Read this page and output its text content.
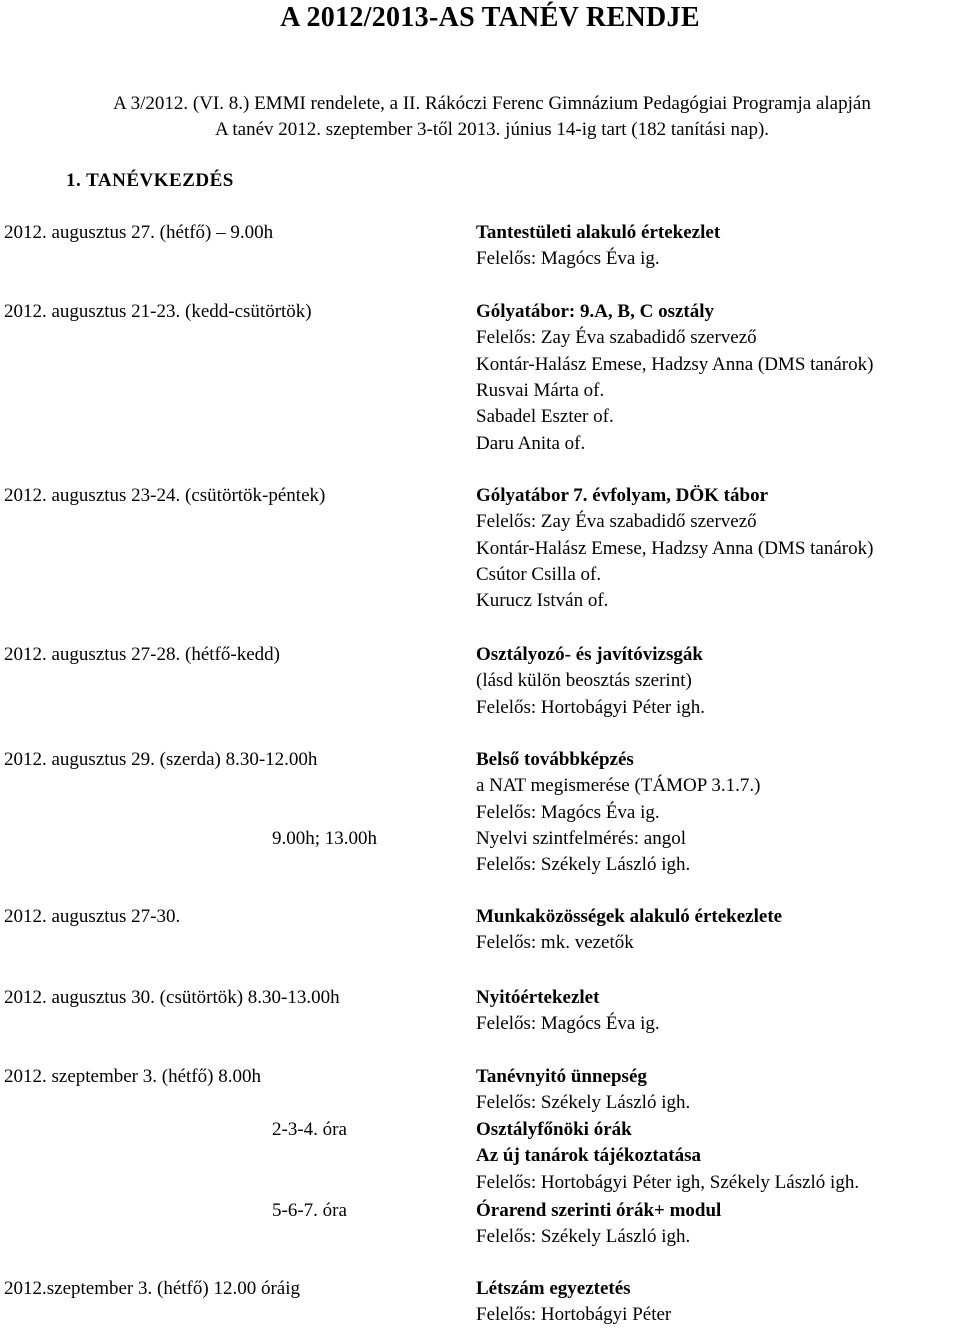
A 2012/2013-AS TANÉV RENDJE
A 3/2012. (VI. 8.) EMMI rendelete, a II. Rákóczi Ferenc Gimnázium Pedagógiai Programja alapján
A tanév 2012. szeptember 3-től 2013. június 14-ig tart (182 tanítási nap).
1. TANÉVKEZDÉS
2012. augusztus 27. (hétfő) – 9.00h	Tantestületi alakuló értekezlet
Felelős: Magócs Éva ig.
2012. augusztus 21-23. (kedd-csütörtök)	Gólyatábor: 9.A, B, C osztály
Felelős: Zay Éva szabadidő szervező
Kontár-Halász Emese, Hadzsy Anna (DMS tanárok)
Rusvai Márta of.
Sabadel Eszter of.
Daru Anita of.
2012. augusztus 23-24. (csütörtök-péntek)	Gólyatábor 7. évfolyam, DÖK tábor
Felelős: Zay Éva szabadidő szervező
Kontár-Halász Emese, Hadzsy Anna (DMS tanárok)
Csútor Csilla of.
Kurucz István of.
2012. augusztus 27-28. (hétfő-kedd)	Osztályozó- és javítóvizsgák
(lásd külön beosztás szerint)
Felelős: Hortobágyi Péter igh.
2012. augusztus 29. (szerda) 8.30-12.00h	Belső továbbképzés
a NAT megismerése (TÁMOP 3.1.7.)
Felelős: Magócs Éva ig.
9.00h; 13.00h	Nyelvi szintfelmérés: angol
Felelős: Székely László igh.
2012. augusztus 27-30.	Munkaközösségek alakuló értekezlete
Felelős: mk. vezetők
2012. augusztus 30. (csütörtök) 8.30-13.00h	Nyitóértekezlet
Felelős: Magócs Éva ig.
2012. szeptember 3. (hétfő) 8.00h	Tanévnyitó ünnepség
Felelős: Székely László igh.
2-3-4. óra	Osztályfőnöki órák
Az új tanárok tájékoztatása
Felelős: Hortobágyi Péter igh, Székely László igh.
5-6-7. óra	Órarend szerinti órák+ modul
Felelős: Székely László igh.
2012.szeptember 3. (hétfő) 12.00 óráig	Létszám egyeztetés
Felelős: Hortobágyi Péter
